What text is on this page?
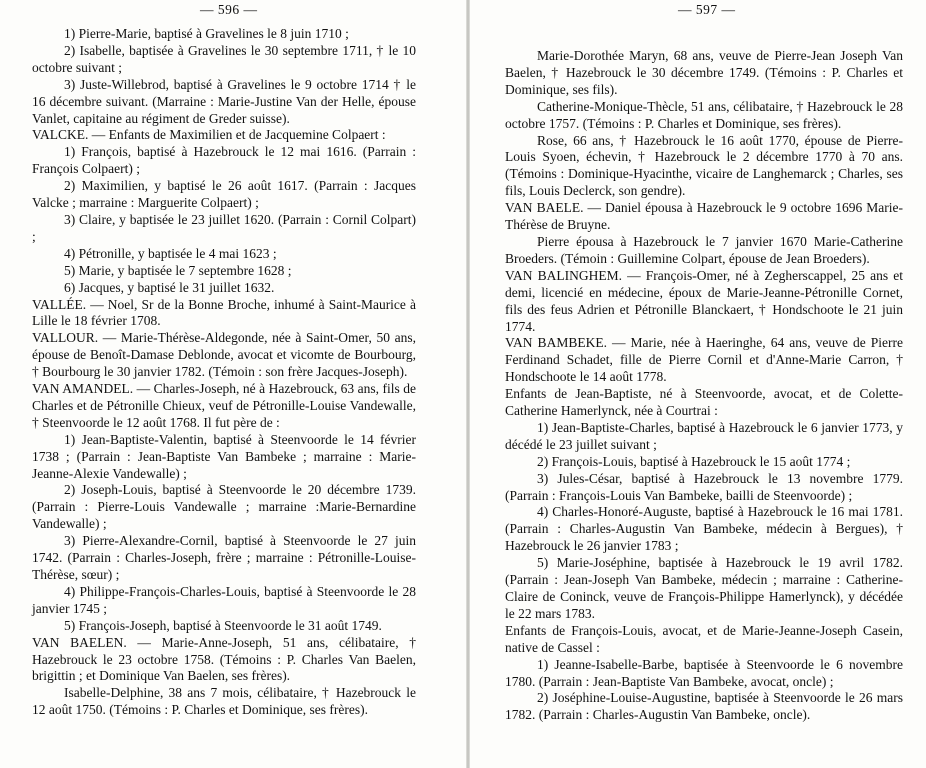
— 596 —

1) Pierre-Marie, baptisé à Gravelines le 8 juin 1710 ;

2) Isabelle, baptisée à Gravelines le 30 septembre 1711, † le 10 octobre suivant ;

3) Juste-Willebrod, baptisé à Gravelines le 9 octobre 1714 † le 16 décembre suivant. (Marraine : Marie-Justine Van der Helle, épouse Vanlet, capitaine au régiment de Greder suisse).

VALCKE. — Enfants de Maximilien et de Jacquemine Colpaert :

1) François, baptisé à Hazebrouck le 12 mai 1616. (Parrain : François Colpaert) ;

2) Maximilien, y baptisé le 26 août 1617. (Parrain : Jacques Valcke ; marraine : Marguerite Colpaert) ;

3) Claire, y baptisée le 23 juillet 1620. (Parrain : Cornil Colpart) ;

4) Pétronille, y baptisée le 4 mai 1623 ;

5) Marie, y baptisée le 7 septembre 1628 ;

6) Jacques, y baptisé le 31 juillet 1632.

VALLÉE. — Noel, Sr de la Bonne Broche, inhumé à Saint-Maurice à Lille le 18 février 1708.

VALLOUR. — Marie-Thérèse-Aldegonde, née à Saint-Omer, 50 ans, épouse de Benoît-Damase Deblonde, avocat et vicomte de Bourbourg, † Bourbourg le 30 janvier 1782. (Témoin : son frère Jacques-Joseph).

VAN AMANDEL. — Charles-Joseph, né à Hazebrouck, 63 ans, fils de Charles et de Pétronille Chieux, veuf de Pétronille-Louise Vandewalle, † Steenvoorde le 12 août 1768. Il fut père de :

1) Jean-Baptiste-Valentin, baptisé à Steenvoorde le 14 février 1738 ; (Parrain : Jean-Baptiste Van Bambeke ; marraine : Marie-Jeanne-Alexie Vandewalle) ;

2) Joseph-Louis, baptisé à Steenvoorde le 20 décembre 1739. (Parrain : Pierre-Louis Vandewalle ; marraine :Marie-Bernardine Vandewalle) ;

3) Pierre-Alexandre-Cornil, baptisé à Steenvoorde le 27 juin 1742. (Parrain : Charles-Joseph, frère ; marraine : Pétronille-Louise-Thérèse, sœur) ;

4) Philippe-François-Charles-Louis, baptisé à Steenvoorde le 28 janvier 1745 ;

5) François-Joseph, baptisé à Steenvoorde le 31 août 1749.

VAN BAELEN. — Marie-Anne-Joseph, 51 ans, célibataire, † Hazebrouck le 23 octobre 1758. (Témoins : P. Charles Van Baelen, brigittin ; et Dominique Van Baelen, ses frères).

Isabelle-Delphine, 38 ans 7 mois, célibataire, † Hazebrouck le 12 août 1750. (Témoins : P. Charles et Dominique, ses frères).

— 597 —

Marie-Dorothée Maryn, 68 ans, veuve de Pierre-Jean Joseph Van Baelen, † Hazebrouck le 30 décembre 1749. (Témoins : P. Charles et Dominique, ses fils).

Catherine-Monique-Thècle, 51 ans, célibataire, † Hazebrouck le 28 octobre 1757. (Témoins : P. Charles et Dominique, ses frères).

Rose, 66 ans, † Hazebrouck le 16 août 1770, épouse de Pierre-Louis Syoen, échevin, † Hazebrouck le 2 décembre 1770 à 70 ans. (Témoins : Dominique-Hyacinthe, vicaire de Langhemarck ; Charles, ses fils, Louis Declerck, son gendre).

VAN BAELE. — Daniel épousa à Hazebrouck le 9 octobre 1696 Marie-Thérèse de Bruyne.

Pierre épousa à Hazebrouck le 7 janvier 1670 Marie-Catherine Broeders. (Témoin : Guillemine Colpart, épouse de Jean Broeders).

VAN BALINGHEM. — François-Omer, né à Zegherscappel, 25 ans et demi, licencié en médecine, époux de Marie-Jeanne-Pétronille Cornet, fils des feus Adrien et Pétronille Blanckaert, † Hondschoote le 21 juin 1774.

VAN BAMBEKE. — Marie, née à Haeringhe, 64 ans, veuve de Pierre Ferdinand Schadet, fille de Pierre Cornil et d'Anne-Marie Carron, † Hondschoote le 14 août 1778.

Enfants de Jean-Baptiste, né à Steenvoorde, avocat, et de Colette-Catherine Hamerlynck, née à Courtrai :

1) Jean-Baptiste-Charles, baptisé à Hazebrouck le 6 janvier 1773, y décédé le 23 juillet suivant ;

2) François-Louis, baptisé à Hazebrouck le 15 août 1774 ;

3) Jules-César, baptisé à Hazebrouck le 13 novembre 1779. (Parrain : François-Louis Van Bambeke, bailli de Steenvoorde) ;

4) Charles-Honoré-Auguste, baptisé à Hazebrouck le 16 mai 1781. (Parrain : Charles-Augustin Van Bambeke, médecin à Bergues), † Hazebrouck le 26 janvier 1783 ;

5) Marie-Joséphine, baptisée à Hazebrouck le 19 avril 1782. (Parrain : Jean-Joseph Van Bambeke, médecin ; marraine : Catherine-Claire de Coninck, veuve de François-Philippe Hamerlynck), y décédée le 22 mars 1783.

Enfants de François-Louis, avocat, et de Marie-Jeanne-Joseph Casein, native de Cassel :

1) Jeanne-Isabelle-Barbe, baptisée à Steenvoorde le 6 novembre 1780. (Parrain : Jean-Baptiste Van Bambeke, avocat, oncle) ;

2) Joséphine-Louise-Augustine, baptisée à Steenvoorde le 26 mars 1782. (Parrain : Charles-Augustin Van Bambeke, oncle).
